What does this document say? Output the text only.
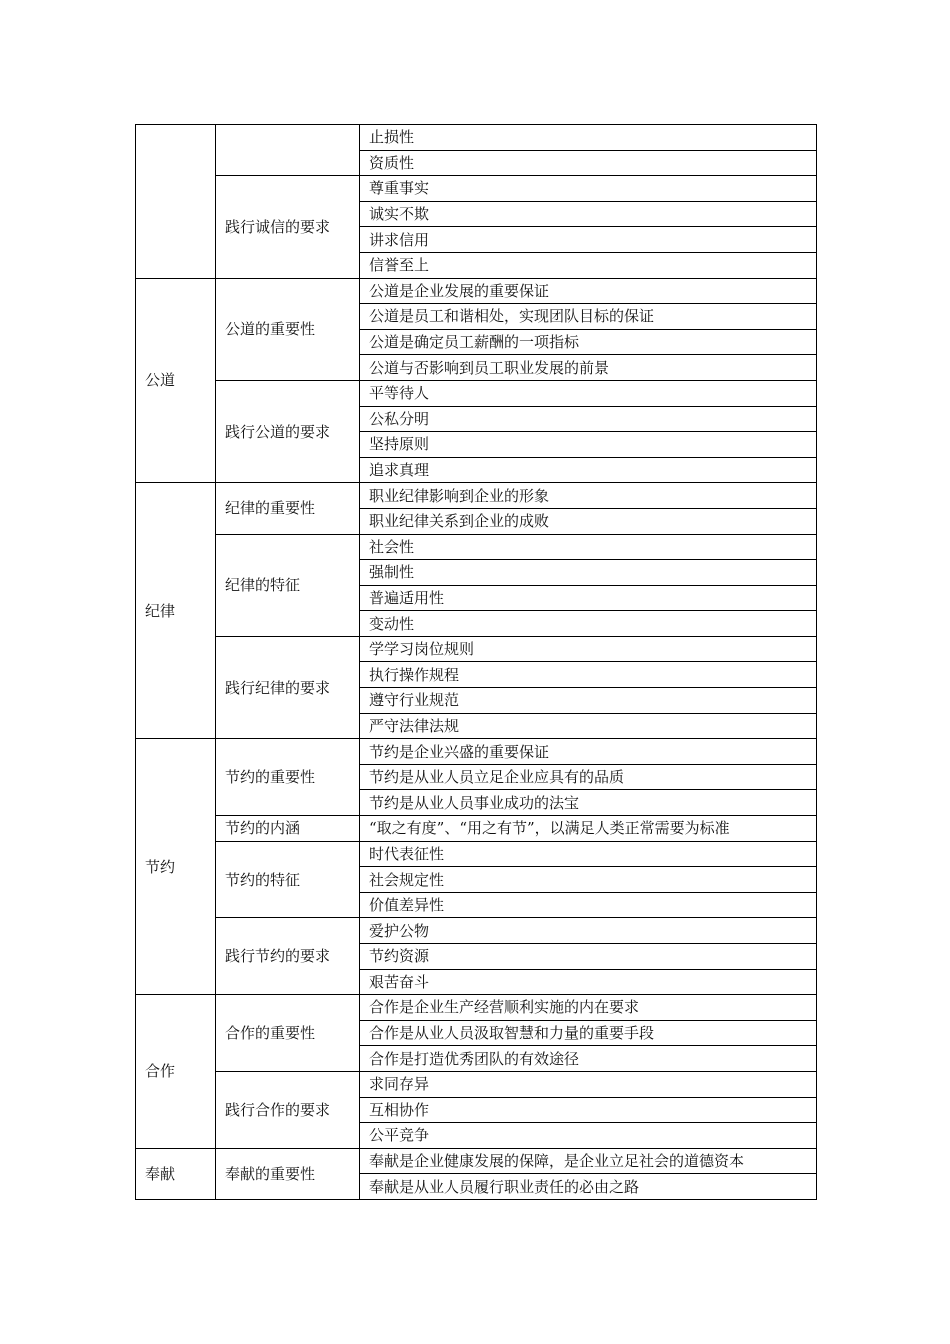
		止损性
		资质性
	践行诚信的要求	尊重事实
		诚实不欺
		讲求信用
		信誉至上
公道	公道的重要性	公道是企业发展的重要保证
		公道是员工和谐相处，实现团队目标的保证
		公道是确定员工薪酬的一项指标
		公道与否影响到员工职业发展的前景
	践行公道的要求	平等待人
		公私分明
		坚持原则
		追求真理
纪律	纪律的重要性	职业纪律影响到企业的形象
		职业纪律关系到企业的成败
	纪律的特征	社会性
		强制性
		普遍适用性
		变动性
	践行纪律的要求	学学习岗位规则
		执行操作规程
		遵守行业规范
		严守法律法规
节约	节约的重要性	节约是企业兴盛的重要保证
		节约是从业人员立足企业应具有的品质
		节约是从业人员事业成功的法宝
	节约的内涵	“取之有度”、“用之有节”，以满足人类正常需要为标准
	节约的特征	时代表征性
		社会规定性
		价值差异性
	践行节约的要求	爱护公物
		节约资源
		艰苦奋斗
合作	合作的重要性	合作是企业生产经营顺利实施的内在要求
		合作是从业人员汲取智慧和力量的重要手段
		合作是打造优秀团队的有效途径
	践行合作的要求	求同存异
		互相协作
		公平竞争
奉献	奉献的重要性	奉献是企业健康发展的保障，是企业立足社会的道德资本
		奉献是从业人员履行职业责任的必由之路
